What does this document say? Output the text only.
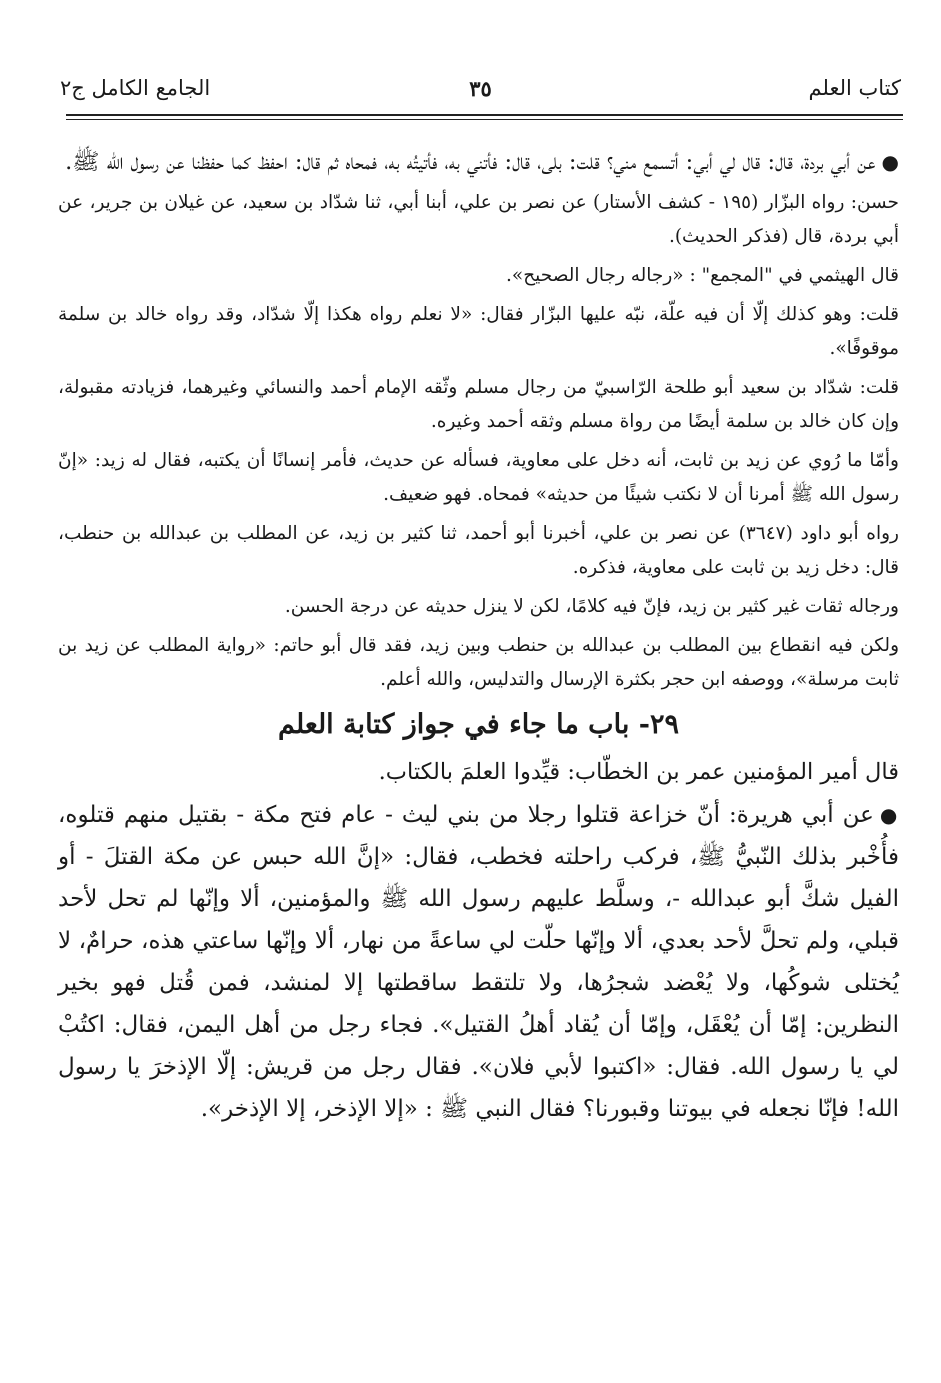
كتاب العلم
٣٥
الجامع الكامل ج٢

●عن أبي بردة، قال: قال لي أبي: أتسمع مني؟ قلت: بلى، قال: فأتني به، فأتيتُه به، فمحاه ثم قال: احفظ كما حفظنا عن رسول الله ﷺ.

حسن: رواه البزّار (١٩٥ - كشف الأستار) عن نصر بن علي، أبنا أبي، ثنا شدّاد بن سعيد، عن غيلان بن جرير، عن أبي بردة، قال (فذكر الحديث).

قال الهيثمي في "المجمع" : «رجاله رجال الصحيح».

قلت: وهو كذلك إلّا أن فيه علّة، نبّه عليها البزّار فقال: «لا نعلم رواه هكذا إلّا شدّاد، وقد رواه خالد بن سلمة موقوفًا».

قلت: شدّاد بن سعيد أبو طلحة الرّاسبيّ من رجال مسلم وثّقه الإمام أحمد والنسائي وغيرهما، فزيادته مقبولة، وإن كان خالد بن سلمة أيضًا من رواة مسلم وثقه أحمد وغيره.

وأمّا ما رُوي عن زيد بن ثابت، أنه دخل على معاوية، فسأله عن حديث، فأمر إنسانًا أن يكتبه، فقال له زيد: «إنّ رسول الله ﷺ أمرنا أن لا نكتب شيئًا من حديثه» فمحاه. فهو ضعيف.

رواه أبو داود (٣٦٤٧) عن نصر بن علي، أخبرنا أبو أحمد، ثنا كثير بن زيد، عن المطلب بن عبدالله بن حنطب، قال: دخل زيد بن ثابت على معاوية، فذكره.

ورجاله ثقات غير كثير بن زيد، فإنّ فيه كلامًا، لكن لا ينزل حديثه عن درجة الحسن.

ولكن فيه انقطاع بين المطلب بن عبدالله بن حنطب وبين زيد، فقد قال أبو حاتم: «رواية المطلب عن زيد بن ثابت مرسلة»، ووصفه ابن حجر بكثرة الإرسال والتدليس، والله أعلم.

٢٩- باب ما جاء في جواز كتابة العلم

قال أمير المؤمنين عمر بن الخطّاب: قيِّدوا العلمَ بالكتاب.

●عن أبي هريرة: أنّ خزاعة قتلوا رجلا من بني ليث - عام فتح مكة - بقتيل منهم قتلوه، فأُخْبر بذلك النّبيُّ ﷺ، فركب راحلته فخطب، فقال: «إنَّ الله حبس عن مكة القتلَ - أو الفيل شكَّ أبو عبدالله -، وسلَّط عليهم رسول الله ﷺ والمؤمنين، ألا وإنّها لم تحل لأحد قبلي، ولم تحلَّ لأحد بعدي، ألا وإنّها حلّت لي ساعةً من نهار، ألا وإنّها ساعتي هذه، حرامٌ، لا يُختلى شوكُها، ولا يُعْضد شجرُها، ولا تلتقط ساقطتها إلا لمنشد، فمن قُتل فهو بخير النظرين: إمّا أن يُعْقَل، وإمّا أن يُقاد أهلُ القتيل». فجاء رجل من أهل اليمن، فقال: اكتُبْ لي يا رسول الله. فقال: «اكتبوا لأبي فلان». فقال رجل من قريش: إلّا الإذخرَ يا رسول الله! فإنّا نجعله في بيوتنا وقبورنا؟ فقال النبي ﷺ : «إلا الإذخر، إلا الإذخر».
